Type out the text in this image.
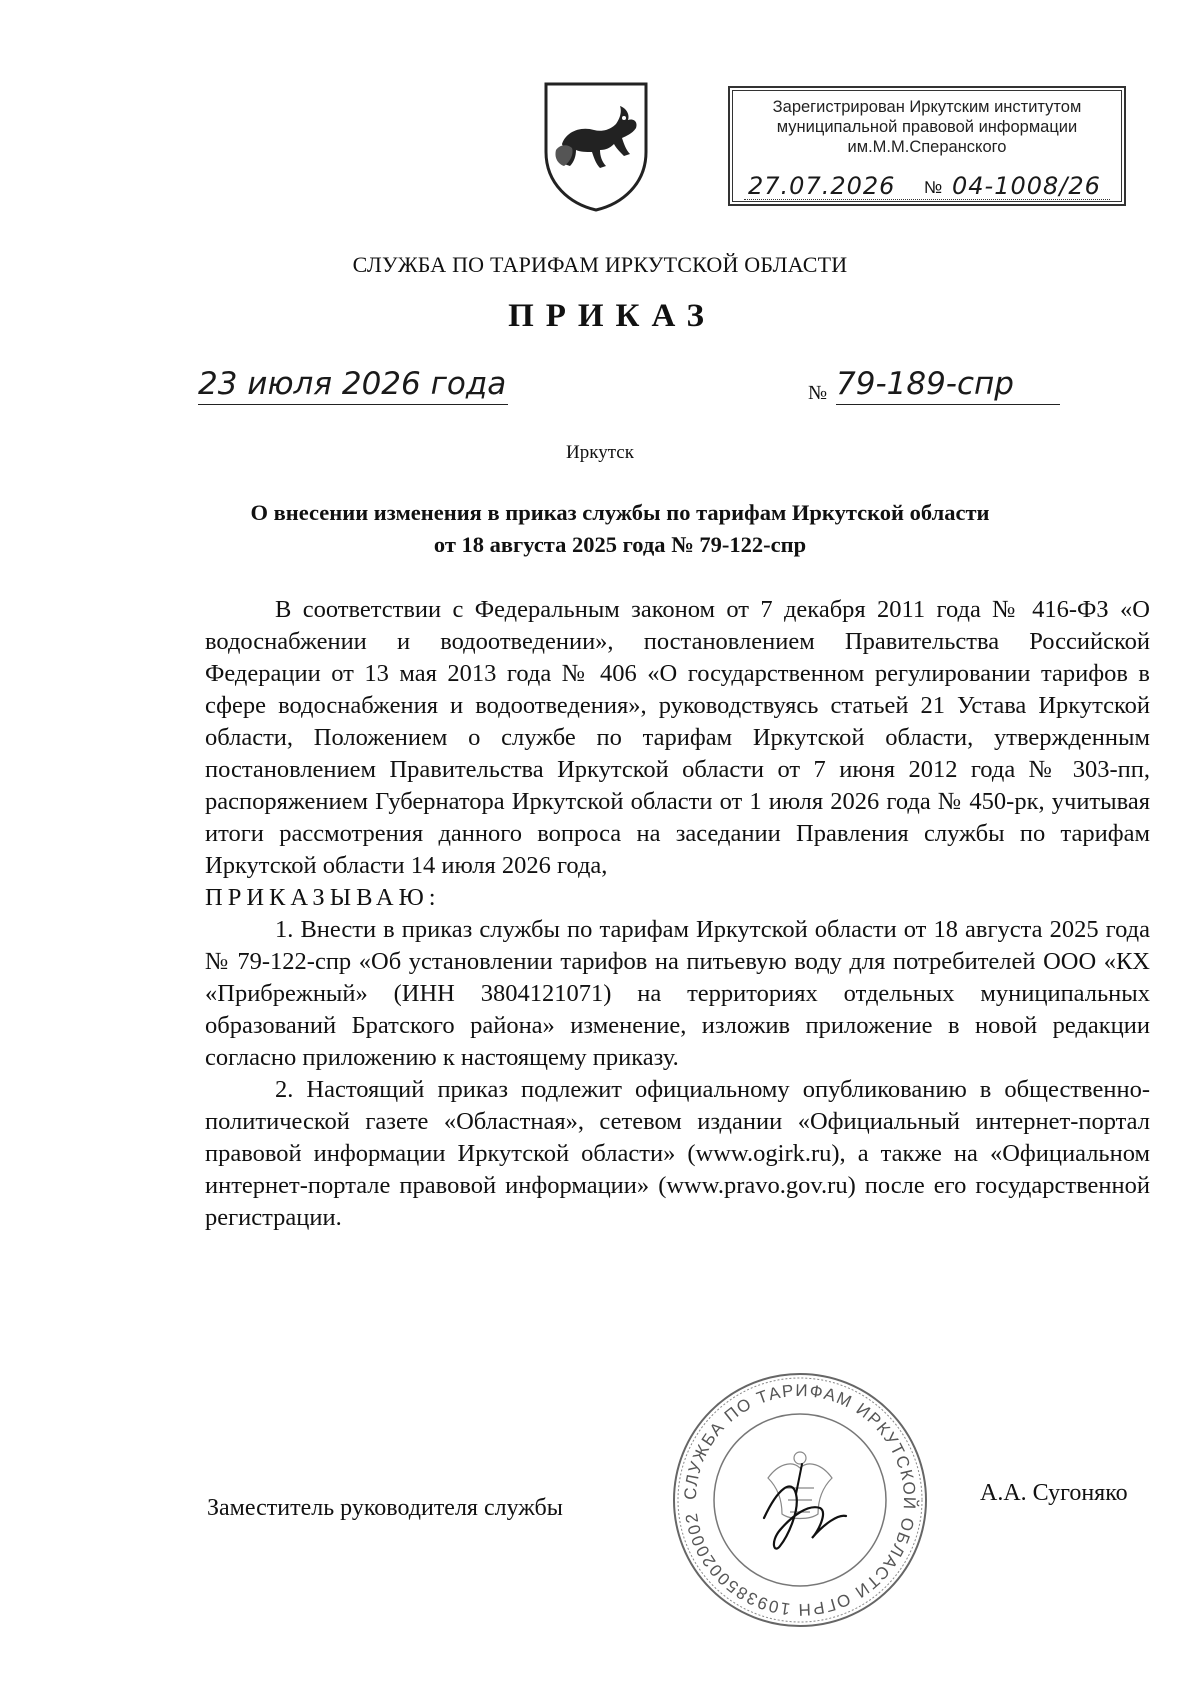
Зарегистрирован Иркутским институтом
муниципальной правовой информации
им.М.М.Сперанского
27.07.2026 № 04-1008/26
СЛУЖБА ПО ТАРИФАМ ИРКУТСКОЙ ОБЛАСТИ
ПРИКАЗ
23 июля 2026 года	№ 79-189-спр
Иркутск
О внесении изменения в приказ службы по тарифам Иркутской области
от 18 августа 2025 года № 79-122-спр

В соответствии с Федеральным законом от 7 декабря 2011 года № 416-ФЗ «О водоснабжении и водоотведении», постановлением Правительства Российской Федерации от 13 мая 2013 года № 406 «О государственном регулировании тарифов в сфере водоснабжения и водоотведения», руководствуясь статьей 21 Устава Иркутской области, Положением о службе по тарифам Иркутской области, утвержденным постановлением Правительства Иркутской области от 7 июня 2012 года № 303-пп, распоряжением Губернатора Иркутской области от 1 июля 2026 года № 450-рк, учитывая итоги рассмотрения данного вопроса на заседании Правления службы по тарифам Иркутской области 14 июля 2026 года,

ПРИКАЗЫВАЮ:

1. Внести в приказ службы по тарифам Иркутской области от 18 августа 2025 года № 79-122-спр «Об установлении тарифов на питьевую воду для потребителей ООО «КХ «Прибрежный» (ИНН 3804121071) на территориях отдельных муниципальных образований Братского района» изменение, изложив приложение в новой редакции согласно приложению к настоящему приказу.

2. Настоящий приказ подлежит официальному опубликованию в общественно-политической газете «Областная», сетевом издании «Официальный интернет-портал правовой информации Иркутской области» (www.ogirk.ru), а также на «Официальном интернет-портале правовой информации» (www.pravo.gov.ru) после его государственной регистрации.

Заместитель руководителя службы
А.А. Сугоняко
СЛУЖБА ПО ТАРИФАМ ИРКУТСКОЙ ОБЛАСТИ ОГРН 1093850020002
